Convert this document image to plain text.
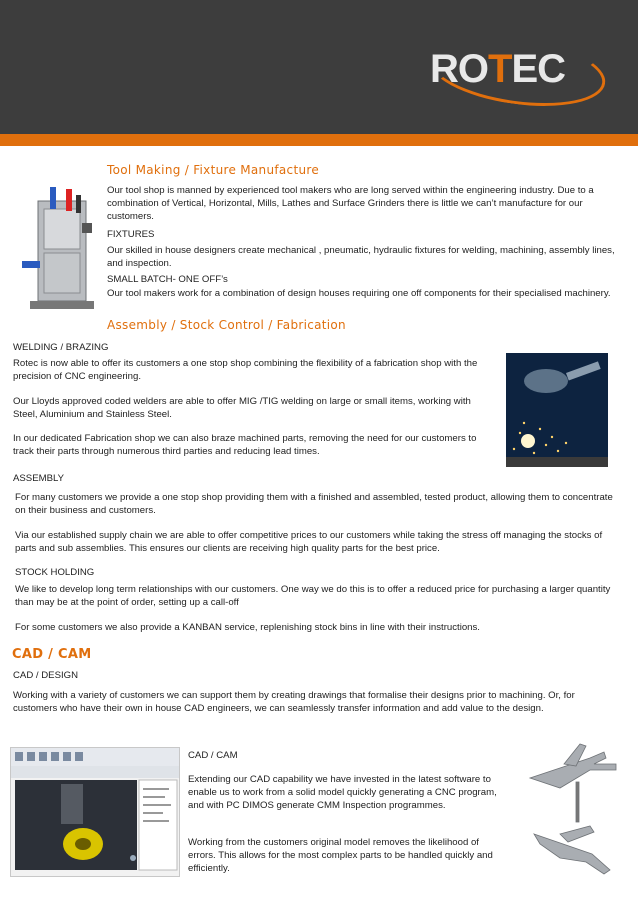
ROTEC
Tool Making / Fixture Manufacture

Our tool shop is manned by experienced tool makers who are long served within the engineering industry. Due to a combination of Vertical, Horizontal, Mills, Lathes and Surface Grinders there is little we can’t manufacture for our customers.

FIXTURES

Our skilled in house designers create mechanical , pneumatic, hydraulic fixtures for welding, machining, assembly lines, and inspection.

SMALL BATCH- ONE OFF’s

Our tool makers work for a combination of design houses requiring one off components for their specialised machinery.

Assembly / Stock Control / Fabrication
WELDING / BRAZING

Rotec is now able to offer its customers a one stop shop combining the flexibility of a fabrication shop with the precision of CNC engineering.

Our Lloyds approved coded welders are able to offer MIG /TIG welding on large or small items, working with Steel, Aluminium and Stainless Steel.

In our dedicated Fabrication shop we can also braze machined parts, removing the need for our customers to track their parts through numerous third parties and reducing lead times.

ASSEMBLY

For many customers we provide a one stop shop providing them with a finished and assembled, tested product, allowing them to concentrate on their business and customers.

Via our established supply chain we are able to offer competitive prices to our customers while taking the stress off managing the stocks of parts and sub assemblies. This ensures our clients are receiving high quality parts for the best price.

STOCK HOLDING

We like to develop long term relationships with our customers. One way we do this is to offer a reduced price for purchasing a larger quantity than may be at the point of order, setting up a call-off

For some customers we also provide a KANBAN service, replenishing stock bins in line with their instructions.

CAD / CAM
CAD / DESIGN

Working with a variety of customers we can support them by creating drawings that formalise their designs prior to machining. Or, for customers who have their own in house CAD engineers, we can seamlessly transfer information and add value to the design.

CAD / CAM

Extending our CAD capability we have invested in the latest software to enable us to work from a solid model quickly generating a CNC program, and with PC DIMOS generate CMM Inspection programmes.

Working from the customers original model removes the likelihood of errors. This allows for the most complex parts to be handled quickly and efficiently.
